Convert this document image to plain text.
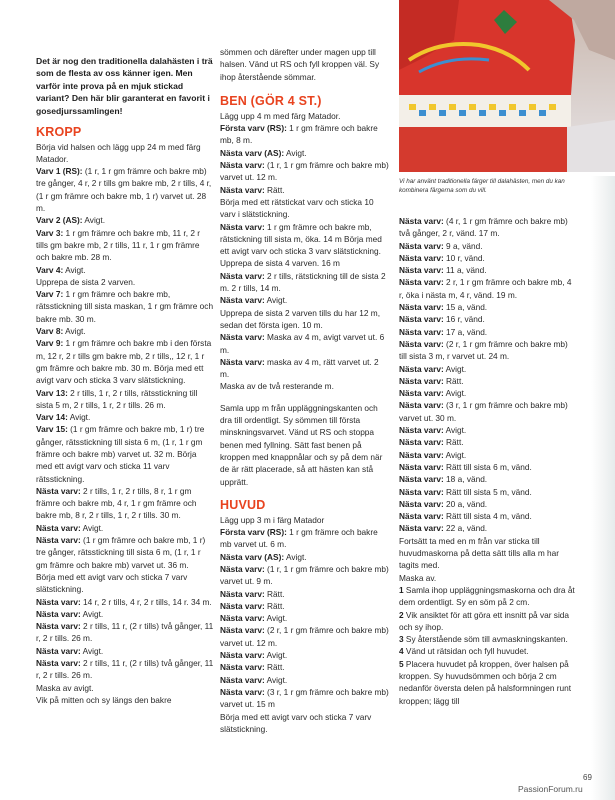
Vi har använt traditionella färger till dalahästen, men du kan kombinera färgerna som du vill.

Det är nog den traditionella dalahästen i trä som de flesta av oss känner igen. Men varför inte prova på en mjuk stickad variant? Den här blir garanterat en favorit i gosedjurssamlingen!

KROPP

Börja vid halsen och lägg upp 24 m med färg Matador.

Varv 1 (RS): (1 r, 1 r gm främre och bakre mb) tre gånger, 4 r, 2 r tills gm bakre mb, 2 r tills, 4 r, (1 r gm främre och bakre mb, 1 r) varvet ut. 28 m.

Varv 2 (AS): Avigt.

Varv 3: 1 r gm främre och bakre mb, 11 r, 2 r tills gm bakre mb, 2 r tills, 11 r, 1 r gm främre och bakre mb. 28 m.

Varv 4: Avigt.

Upprepa de sista 2 varven.

Varv 7: 1 r gm främre och bakre mb, rätsstickning till sista maskan, 1 r gm främre och bakre mb. 30 m.

Varv 8: Avigt.

Varv 9: 1 r gm främre och bakre mb i den första m, 12 r, 2 r tills gm bakre mb, 2 r tills,, 12 r, 1 r gm främre och bakre mb. 30 m. Börja med ett avigt varv och sticka 3 varv slätstickning.

Varv 13: 2 r tills, 1 r, 2 r tills, rätsstickning till sista 5 m, 2 r tills, 1 r, 2 r tills. 26 m.

Varv 14: Avigt.

Varv 15: (1 r gm främre och bakre mb, 1 r) tre gånger, rätsstickning till sista 6 m, (1 r, 1 r gm främre och bakre mb) varvet ut. 32 m. Börja med ett avigt varv och sticka 11 varv rätsstickning.

Nästa varv: 2 r tills, 1 r, 2 r tills, 8 r, 1 r gm främre och bakre mb, 4 r, 1 r gm främre och bakre mb, 8 r, 2 r tills, 1 r, 2 r tills. 30 m.

Nästa varv: Avigt.

Nästa varv: (1 r gm främre och bakre mb, 1 r) tre gånger, rätsstickning till sista 6 m, (1 r, 1 r gm främre och bakre mb) varvet ut. 36 m.

Börja med ett avigt varv och sticka 7 varv slätstickning.

Nästa varv: 14 r, 2 r tills, 4 r, 2 r tills, 14 r. 34 m.

Nästa varv: Avigt.

Nästa varv: 2 r tills, 11 r, (2 r tills) två gånger, 11 r, 2 r tills. 26 m.

Nästa varv: Avigt.

Nästa varv: 2 r tills, 11 r, (2 r tills) två gånger, 11 r, 2 r tills. 26 m.

Maska av avigt.

Vik på mitten och sy längs den bakre

sömmen och därefter under magen upp till halsen. Vänd ut RS och fyll kroppen väl. Sy ihop återstående sömmar.

BEN (GÖR 4 ST.)

Lägg upp 4 m med färg Matador.

Första varv (RS): 1 r gm främre och bakre mb, 8 m.

Nästa varv (AS): Avigt.

Nästa varv: (1 r, 1 r gm främre och bakre mb) varvet ut. 12 m.

Nästa varv: Rätt.

Börja med ett rätstickat varv och sticka 10 varv i slätstickning.

Nästa varv: 1 r gm främre och bakre mb, rätstickning till sista m, öka. 14 m Börja med ett avigt varv och sticka 3 varv slätstickning.

Upprepa de sista 4 varven. 16 m

Nästa varv: 2 r tills, rätstickning till de sista 2 m. 2 r tills, 14 m.

Nästa varv: Avigt.

Upprepa de sista 2 varven tills du har 12 m, sedan det första igen. 10 m.

Nästa varv: Maska av 4 m, avigt varvet ut. 6 m.

Nästa varv: maska av 4 m, rätt varvet ut. 2 m.

Maska av de två resterande m.

Samla upp m från uppläggningskanten och dra till ordentligt. Sy sömmen till första minskningsvarvet. Vänd ut RS och stoppa benen med fyllning. Sätt fast benen på kroppen med knappnålar och sy på dem när de är rätt placerade, så att hästen kan stå upprätt.

HUVUD

Lägg upp 3 m i färg Matador

Första varv (RS): 1 r gm främre och bakre mb varvet ut. 6 m.

Nästa varv (AS): Avigt.

Nästa varv: (1 r, 1 r gm främre och bakre mb) varvet ut. 9 m.

Nästa varv: Rätt.

Nästa varv: Rätt.

Nästa varv: Avigt.

Nästa varv: (2 r, 1 r gm främre och bakre mb) varvet ut. 12 m.

Nästa varv: Avigt.

Nästa varv: Rätt.

Nästa varv: Avigt.

Nästa varv: (3 r, 1 r gm främre och bakre mb) varvet ut. 15 m

Börja med ett avigt varv och sticka 7 varv slätstickning.

Nästa varv: (4 r, 1 r gm främre och bakre mb) två gånger, 2 r, vänd. 17 m.

Nästa varv: 9 a, vänd.

Nästa varv: 10 r, vänd.

Nästa varv: 11 a, vänd.

Nästa varv: 2 r, 1 r gm främre och bakre mb, 4 r, öka i nästa m, 4 r, vänd. 19 m.

Nästa varv: 15 a, vänd.

Nästa varv: 16 r, vänd.

Nästa varv: 17 a, vänd.

Nästa varv: (2 r, 1 r gm främre och bakre mb) till sista 3 m, r varvet ut. 24 m.

Nästa varv: Avigt.

Nästa varv: Rätt.

Nästa varv: Avigt.

Nästa varv: (3 r, 1 r gm främre och bakre mb) varvet ut. 30 m.

Nästa varv: Avigt.

Nästa varv: Rätt.

Nästa varv: Avigt.

Nästa varv: Rätt till sista 6 m, vänd.

Nästa varv: 18 a, vänd.

Nästa varv: Rätt till sista 5 m, vänd.

Nästa varv: 20 a, vänd.

Nästa varv: Rätt till sista 4 m, vänd.

Nästa varv: 22 a, vänd.

Fortsätt ta med en m från var sticka till huvudmaskorna på detta sätt tills alla m har tagits med.

Maska av.

1 Samla ihop uppläggningsmaskorna och dra åt dem ordentligt. Sy en söm på 2 cm.

2 Vik ansiktet för att göra ett insnitt på var sida och sy ihop.

3 Sy återstående söm till avmaskningskanten.

4 Vänd ut rätsidan och fyll huvudet.

5 Placera huvudet på kroppen, över halsen på kroppen. Sy huvudsömmen och börja 2 cm nedanför översta delen på halsformningen runt kroppen; lägg till

69
PassionForum.ru
